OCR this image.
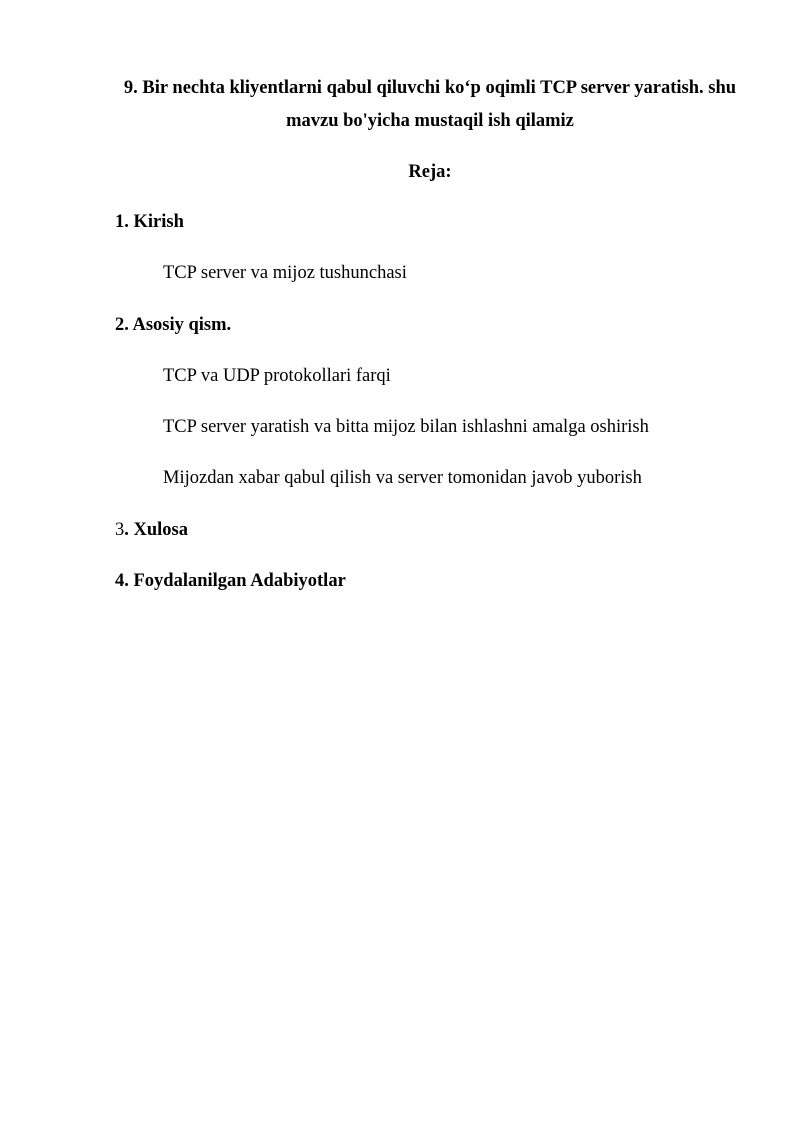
9. Bir nechta kliyentlarni qabul qiluvchi ko‘p oqimli TCP server yaratish. shu
mavzu bo'yicha mustaqil ish qilamiz
Reja:
1. Kirish
TCP server va mijoz tushunchasi
2. Asosiy qism.
TCP va UDP protokollari farqi
TCP server yaratish va bitta mijoz bilan ishlashni amalga oshirish
Mijozdan xabar qabul qilish va server tomonidan javob yuborish
3. Xulosa
4. Foydalanilgan Adabiyotlar
